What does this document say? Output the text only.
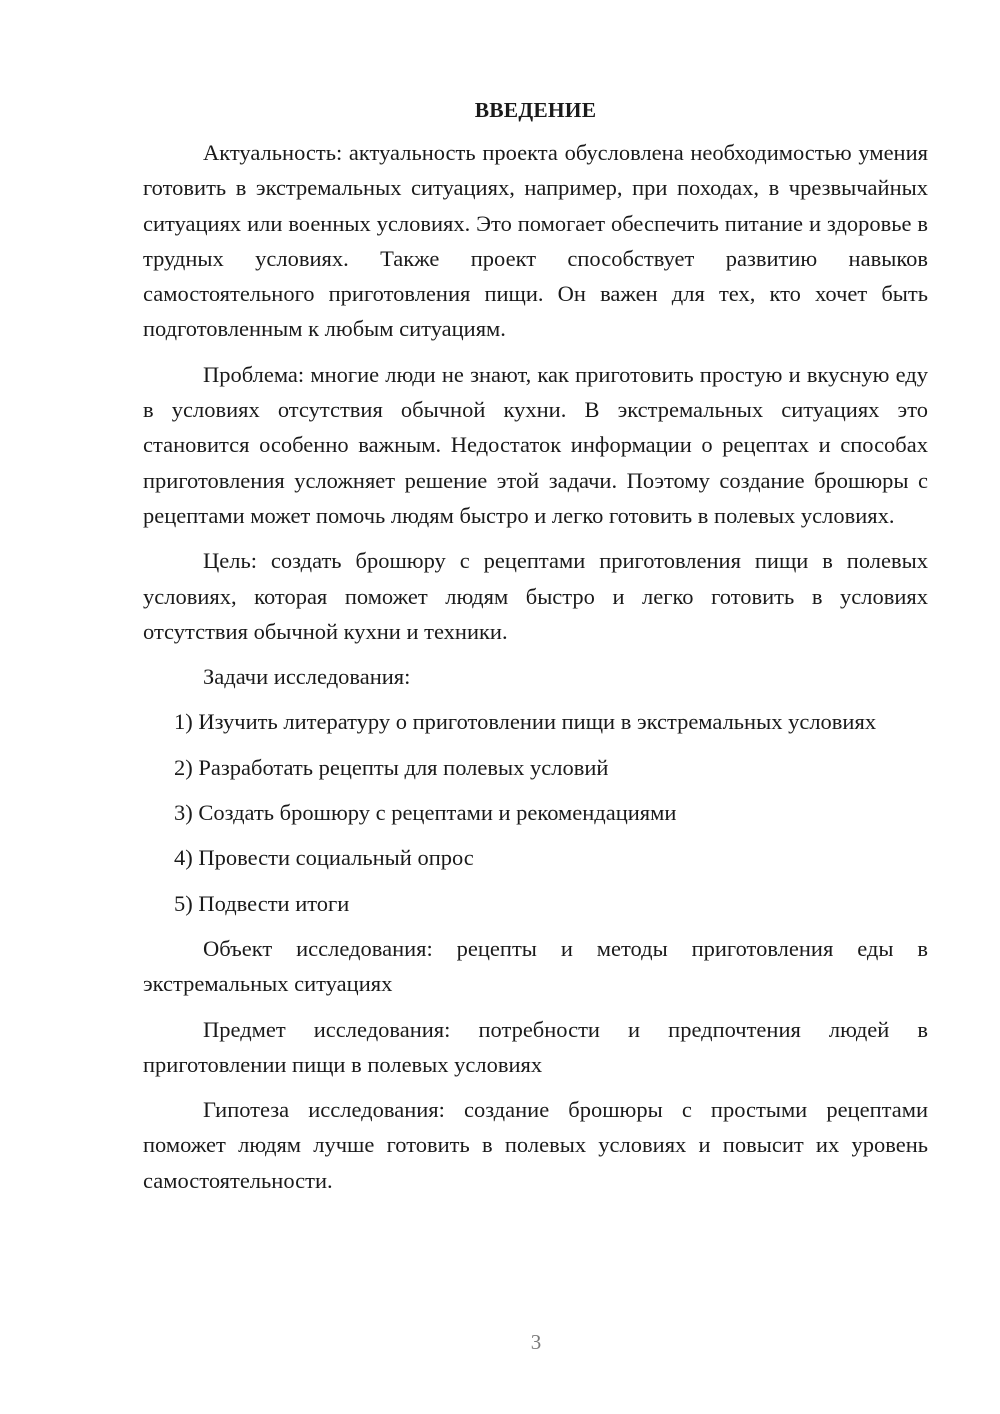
ВВЕДЕНИЕ

Актуальность: актуальность проекта обусловлена необходимостью умения готовить в экстремальных ситуациях, например, при походах, в чрезвычайных ситуациях или военных условиях. Это помогает обеспечить питание и здоровье в трудных условиях. Также проект способствует развитию навыков самостоятельного приготовления пищи. Он важен для тех, кто хочет быть подготовленным к любым ситуациям.

Проблема: многие люди не знают, как приготовить простую и вкусную еду в условиях отсутствия обычной кухни. В экстремальных ситуациях это становится особенно важным. Недостаток информации о рецептах и способах приготовления усложняет решение этой задачи. Поэтому создание брошюры с рецептами может помочь людям быстро и легко готовить в полевых условиях.

Цель: создать брошюру с рецептами приготовления пищи в полевых условиях, которая поможет людям быстро и легко готовить в условиях отсутствия обычной кухни и техники.

Задачи исследования:

1) Изучить литературу о приготовлении пищи в экстремальных условиях

2) Разработать рецепты для полевых условий

3) Создать брошюру с рецептами и рекомендациями

4) Провести социальный опрос

5) Подвести итоги

Объект исследования: рецепты и методы приготовления еды в экстремальных ситуациях

Предмет исследования: потребности и предпочтения людей в приготовлении пищи в полевых условиях

Гипотеза исследования: создание брошюры с простыми рецептами поможет людям лучше готовить в полевых условиях и повысит их уровень самостоятельности.

3
